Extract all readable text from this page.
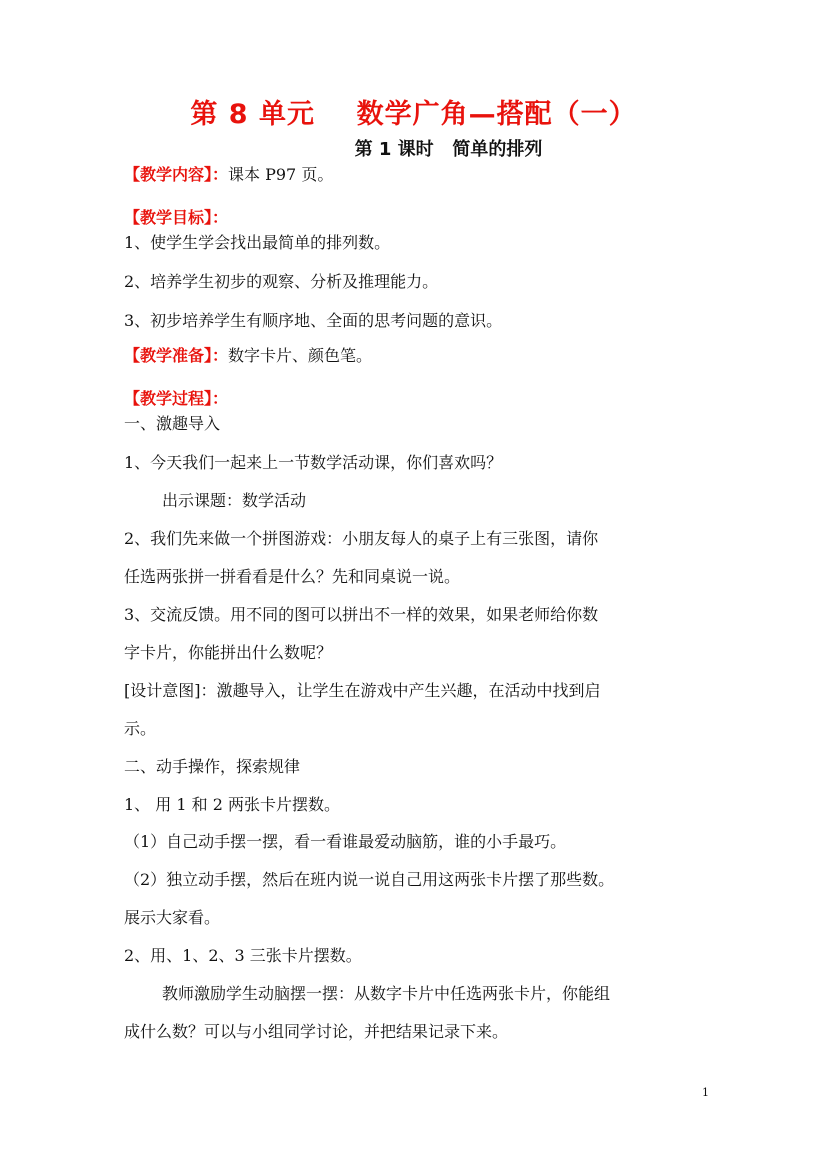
第 8 单元    数学广角—搭配（一）
第 1 课时   简单的排列
【教学内容】：课本 P97 页。
【教学目标】：
1、使学生学会找出最简单的排列数。
2、培养学生初步的观察、分析及推理能力。
3、初步培养学生有顺序地、全面的思考问题的意识。
【教学准备】：数字卡片、颜色笔。
【教学过程】：
一、激趣导入
1、今天我们一起来上一节数学活动课，你们喜欢吗？
出示课题：数学活动
2、我们先来做一个拼图游戏：小朋友每人的桌子上有三张图，请你
任选两张拼一拼看看是什么？先和同桌说一说。
3、交流反馈。用不同的图可以拼出不一样的效果，如果老师给你数
字卡片，你能拼出什么数呢？
[设计意图]：激趣导入，让学生在游戏中产生兴趣，在活动中找到启
示。
二、动手操作，探索规律
1、 用 1 和 2 两张卡片摆数。
（1）自己动手摆一摆，看一看谁最爱动脑筋，谁的小手最巧。
（2）独立动手摆，然后在班内说一说自己用这两张卡片摆了那些数。
展示大家看。
2、用、1、2、3 三张卡片摆数。
教师激励学生动脑摆一摆：从数字卡片中任选两张卡片，你能组
成什么数？可以与小组同学讨论，并把结果记录下来。
1
